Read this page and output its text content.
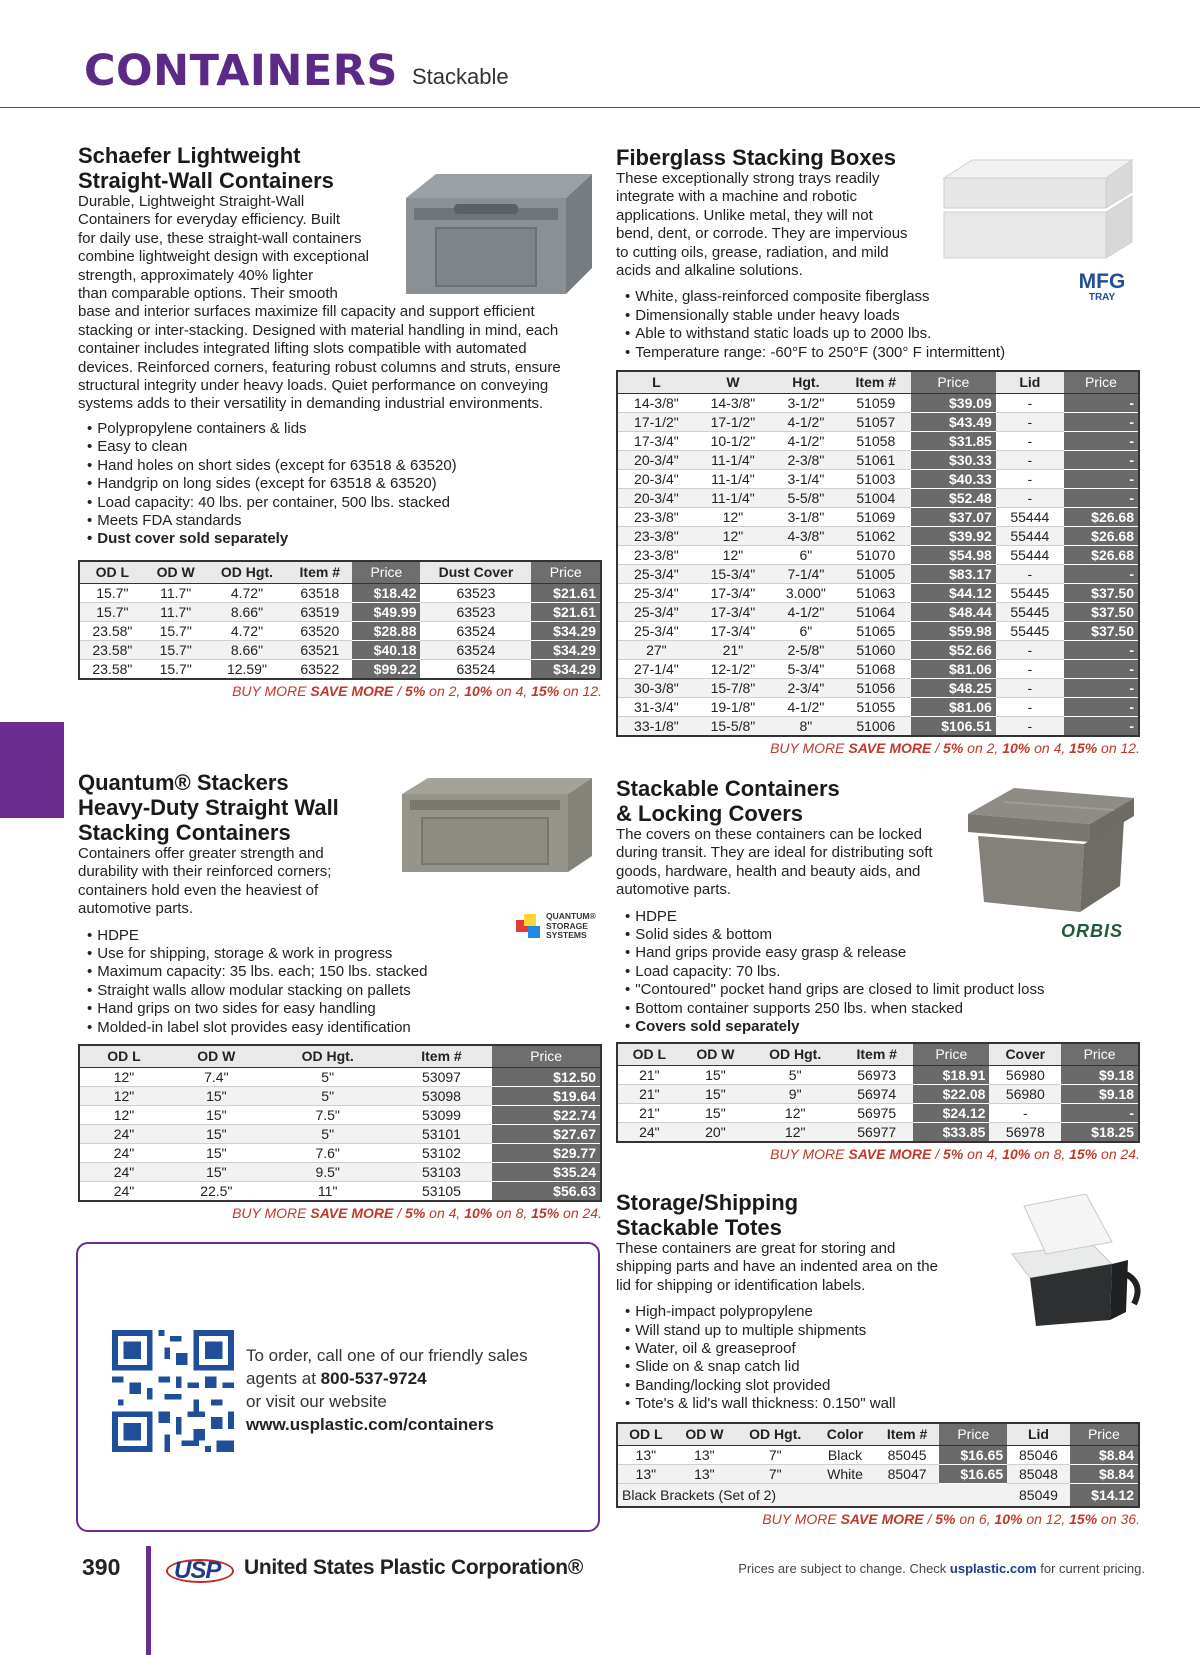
CONTAINERS Stackable
Schaefer Lightweight
Straight-Wall Containers
Durable, Lightweight Straight-Wall
Containers for everyday efficiency. Built
for daily use, these straight-wall containers
combine lightweight design with exceptional
strength, approximately 40% lighter
than comparable options. Their smooth
base and interior surfaces maximize fill capacity and support efficient
stacking or inter-stacking. Designed with material handling in mind, each
container includes integrated lifting slots compatible with automated
devices. Reinforced corners, featuring robust columns and struts, ensure
structural integrity under heavy loads. Quiet performance on conveying
systems adds to their versatility in demanding industrial environments.
• Polypropylene containers & lids
• Easy to clean
• Hand holes on short sides (except for 63518 & 63520)
• Handgrip on long sides (except for 63518 & 63520)
• Load capacity: 40 lbs. per container, 500 lbs. stacked
• Meets FDA standards
• Dust cover sold separately
OD L	OD W	OD Hgt.	Item #	Price	Dust Cover	Price
15.7"	11.7"	4.72"	63518	$18.42	63523	$21.61
15.7"	11.7"	8.66"	63519	$49.99	63523	$21.61
23.58"	15.7"	4.72"	63520	$28.88	63524	$34.29
23.58"	15.7"	8.66"	63521	$40.18	63524	$34.29
23.58"	15.7"	12.59"	63522	$99.22	63524	$34.29
BUY MORE SAVE MORE / 5% on 2, 10% on 4, 15% on 12.
Fiberglass Stacking Boxes
These exceptionally strong trays readily
integrate with a machine and robotic
applications. Unlike metal, they will not
bend, dent, or corrode. They are impervious
to cutting oils, grease, radiation, and mild
acids and alkaline solutions.
• White, glass-reinforced composite fiberglass
• Dimensionally stable under heavy loads
• Able to withstand static loads up to 2000 lbs.
• Temperature range: -60°F to 250°F (300° F intermittent)
MFG
TRAY
L	W	Hgt.	Item #	Price	Lid	Price
14-3/8"	14-3/8"	3-1/2"	51059	$39.09	-	-
17-1/2"	17-1/2"	4-1/2"	51057	$43.49	-	-
17-3/4"	10-1/2"	4-1/2"	51058	$31.85	-	-
20-3/4"	11-1/4"	2-3/8"	51061	$30.33	-	-
20-3/4"	11-1/4"	3-1/4"	51003	$40.33	-	-
20-3/4"	11-1/4"	5-5/8"	51004	$52.48	-	-
23-3/8"	12"	3-1/8"	51069	$37.07	55444	$26.68
23-3/8"	12"	4-3/8"	51062	$39.92	55444	$26.68
23-3/8"	12"	6"	51070	$54.98	55444	$26.68
25-3/4"	15-3/4"	7-1/4"	51005	$83.17	-	-
25-3/4"	17-3/4"	3.000"	51063	$44.12	55445	$37.50
25-3/4"	17-3/4"	4-1/2"	51064	$48.44	55445	$37.50
25-3/4"	17-3/4"	6"	51065	$59.98	55445	$37.50
27"	21"	2-5/8"	51060	$52.66	-	-
27-1/4"	12-1/2"	5-3/4"	51068	$81.06	-	-
30-3/8"	15-7/8"	2-3/4"	51056	$48.25	-	-
31-3/4"	19-1/8"	4-1/2"	51055	$81.06	-	-
33-1/8"	15-5/8"	8"	51006	$106.51	-	-
BUY MORE SAVE MORE / 5% on 2, 10% on 4, 15% on 12.
Quantum® Stackers
Heavy-Duty Straight Wall
Stacking Containers
Containers offer greater strength and
durability with their reinforced corners;
containers hold even the heaviest of
automotive parts.
• HDPE
• Use for shipping, storage & work in progress
• Maximum capacity: 35 lbs. each; 150 lbs. stacked
• Straight walls allow modular stacking on pallets
• Hand grips on two sides for easy handling
• Molded-in label slot provides easy identification
QUANTUM®
STORAGE
SYSTEMS
OD L	OD W	OD Hgt.	Item #	Price
12"	7.4"	5"	53097	$12.50
12"	15"	5"	53098	$19.64
12"	15"	7.5"	53099	$22.74
24"	15"	5"	53101	$27.67
24"	15"	7.6"	53102	$29.77
24"	15"	9.5"	53103	$35.24
24"	22.5"	11"	53105	$56.63
BUY MORE SAVE MORE / 5% on 4, 10% on 8, 15% on 24.
Stackable Containers
& Locking Covers
The covers on these containers can be locked
during transit. They are ideal for distributing soft
goods, hardware, health and beauty aids, and
automotive parts.
• HDPE
• Solid sides & bottom
• Hand grips provide easy grasp & release
• Load capacity: 70 lbs.
• "Contoured" pocket hand grips are closed to limit product loss
• Bottom container supports 250 lbs. when stacked
• Covers sold separately
ORBIS
OD L	OD W	OD Hgt.	Item #	Price	Cover	Price
21"	15"	5"	56973	$18.91	56980	$9.18
21"	15"	9"	56974	$22.08	56980	$9.18
21"	15"	12"	56975	$24.12	-	-
24"	20"	12"	56977	$33.85	56978	$18.25
BUY MORE SAVE MORE / 5% on 4, 10% on 8, 15% on 24.
Storage/Shipping
Stackable Totes
These containers are great for storing and
shipping parts and have an indented area on the
lid for shipping or identification labels.
• High-impact polypropylene
• Will stand up to multiple shipments
• Water, oil & greaseproof
• Slide on & snap catch lid
• Banding/locking slot provided
• Tote's & lid's wall thickness: 0.150" wall
OD L	OD W	OD Hgt.	Color	Item #	Price	Lid	Price
13"	13"	7"	Black	85045	$16.65	85046	$8.84
13"	13"	7"	White	85047	$16.65	85048	$8.84
Black Brackets (Set of 2)						85049	$14.12
BUY MORE SAVE MORE / 5% on 6, 10% on 12, 15% on 36.
To order, call one of our friendly sales
agents at 800-537-9724
or visit our website
www.usplastic.com/containers
390 USP United States Plastic Corporation®	Prices are subject to change. Check usplastic.com for current pricing.
